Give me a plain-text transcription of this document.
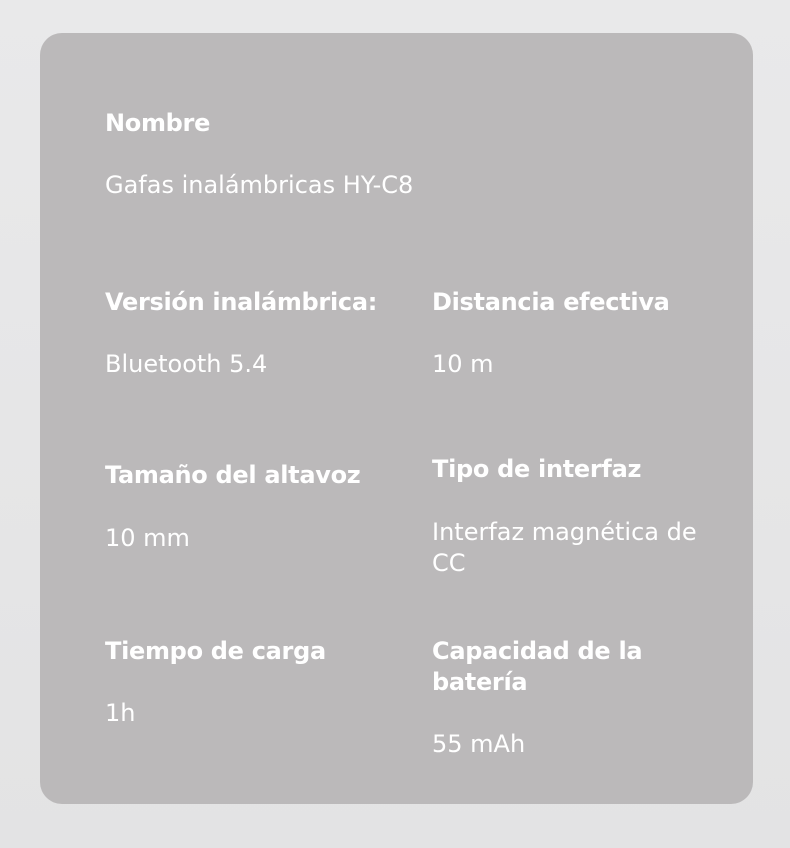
Nombre

Gafas inalámbricas HY-C8

Versión inalámbrica:

Bluetooth 5.4

Distancia efectiva

10 m

Tamaño del altavoz

10 mm

Tipo de interfaz

Interfaz magnética de CC

Tiempo de carga

1h

Capacidad de la batería

55 mAh
